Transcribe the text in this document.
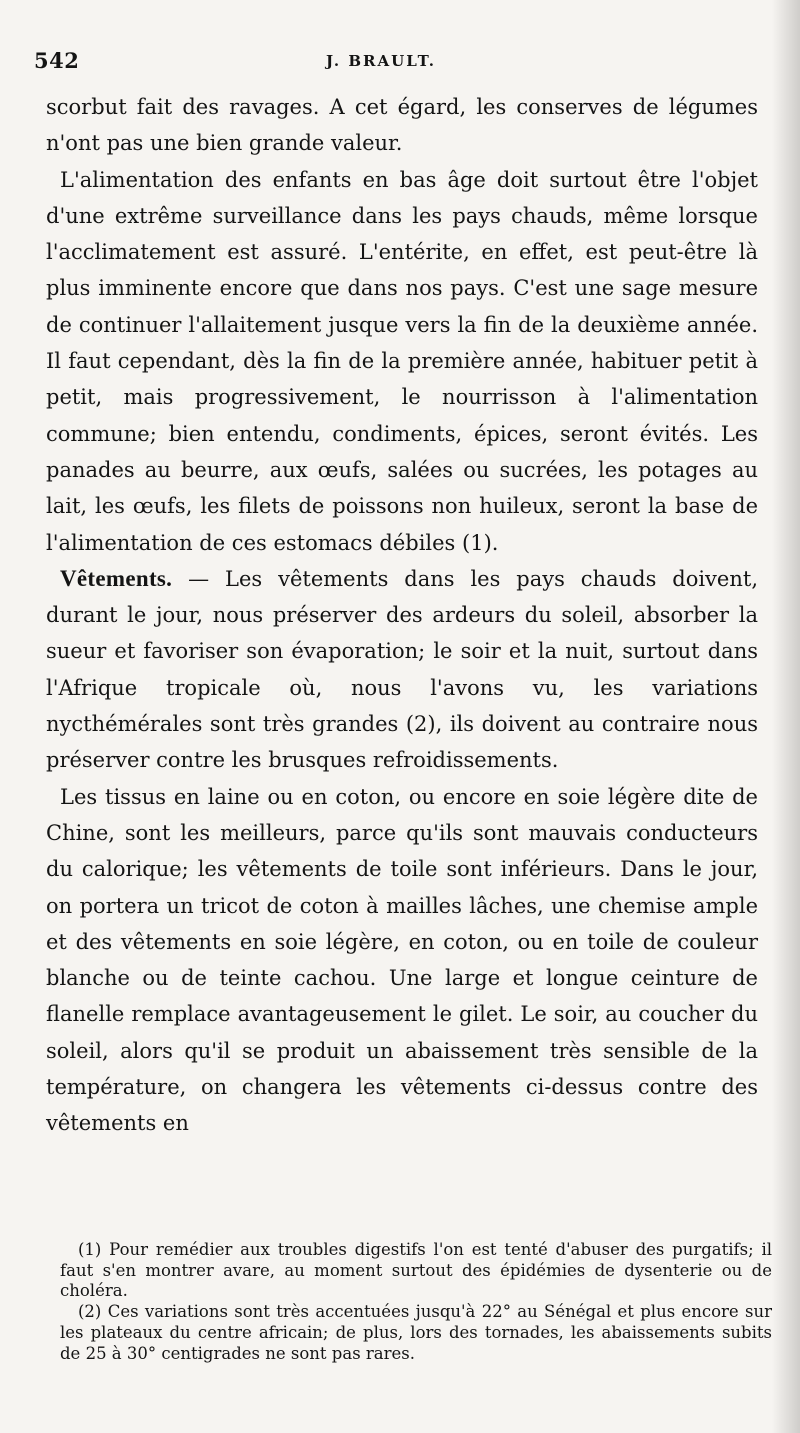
542	J. BRAULT.

scorbut fait des ravages. A cet égard, les conserves de légumes n'ont pas une bien grande valeur.

L'alimentation des enfants en bas âge doit surtout être l'objet d'une extrême surveillance dans les pays chauds, même lorsque l'acclimatement est assuré. L'entérite, en effet, est peut-être là plus imminente encore que dans nos pays. C'est une sage mesure de continuer l'allaitement jusque vers la fin de la deuxième année. Il faut cependant, dès la fin de la première année, habituer petit à petit, mais progressivement, le nourrisson à l'alimentation commune; bien entendu, condiments, épices, seront évités. Les panades au beurre, aux œufs, salées ou sucrées, les potages au lait, les œufs, les filets de poissons non huileux, seront la base de l'alimentation de ces estomacs débiles (1).

Vêtements. — Les vêtements dans les pays chauds doivent, durant le jour, nous préserver des ardeurs du soleil, absorber la sueur et favoriser son évaporation; le soir et la nuit, surtout dans l'Afrique tropicale où, nous l'avons vu, les variations nycthémérales sont très grandes (2), ils doivent au contraire nous préserver contre les brusques refroidissements.

Les tissus en laine ou en coton, ou encore en soie légère dite de Chine, sont les meilleurs, parce qu'ils sont mauvais conducteurs du calorique; les vêtements de toile sont inférieurs. Dans le jour, on portera un tricot de coton à mailles lâches, une chemise ample et des vêtements en soie légère, en coton, ou en toile de couleur blanche ou de teinte cachou. Une large et longue ceinture de flanelle remplace avantageusement le gilet. Le soir, au coucher du soleil, alors qu'il se produit un abaissement très sensible de la température, on changera les vêtements ci-dessus contre des vêtements en

(1) Pour remédier aux troubles digestifs l'on est tenté d'abuser des purgatifs; il faut s'en montrer avare, au moment surtout des épidémies de dysenterie ou de choléra.

(2) Ces variations sont très accentuées jusqu'à 22° au Sénégal et plus encore sur les plateaux du centre africain; de plus, lors des tornades, les abaissements subits de 25 à 30° centigrades ne sont pas rares.
